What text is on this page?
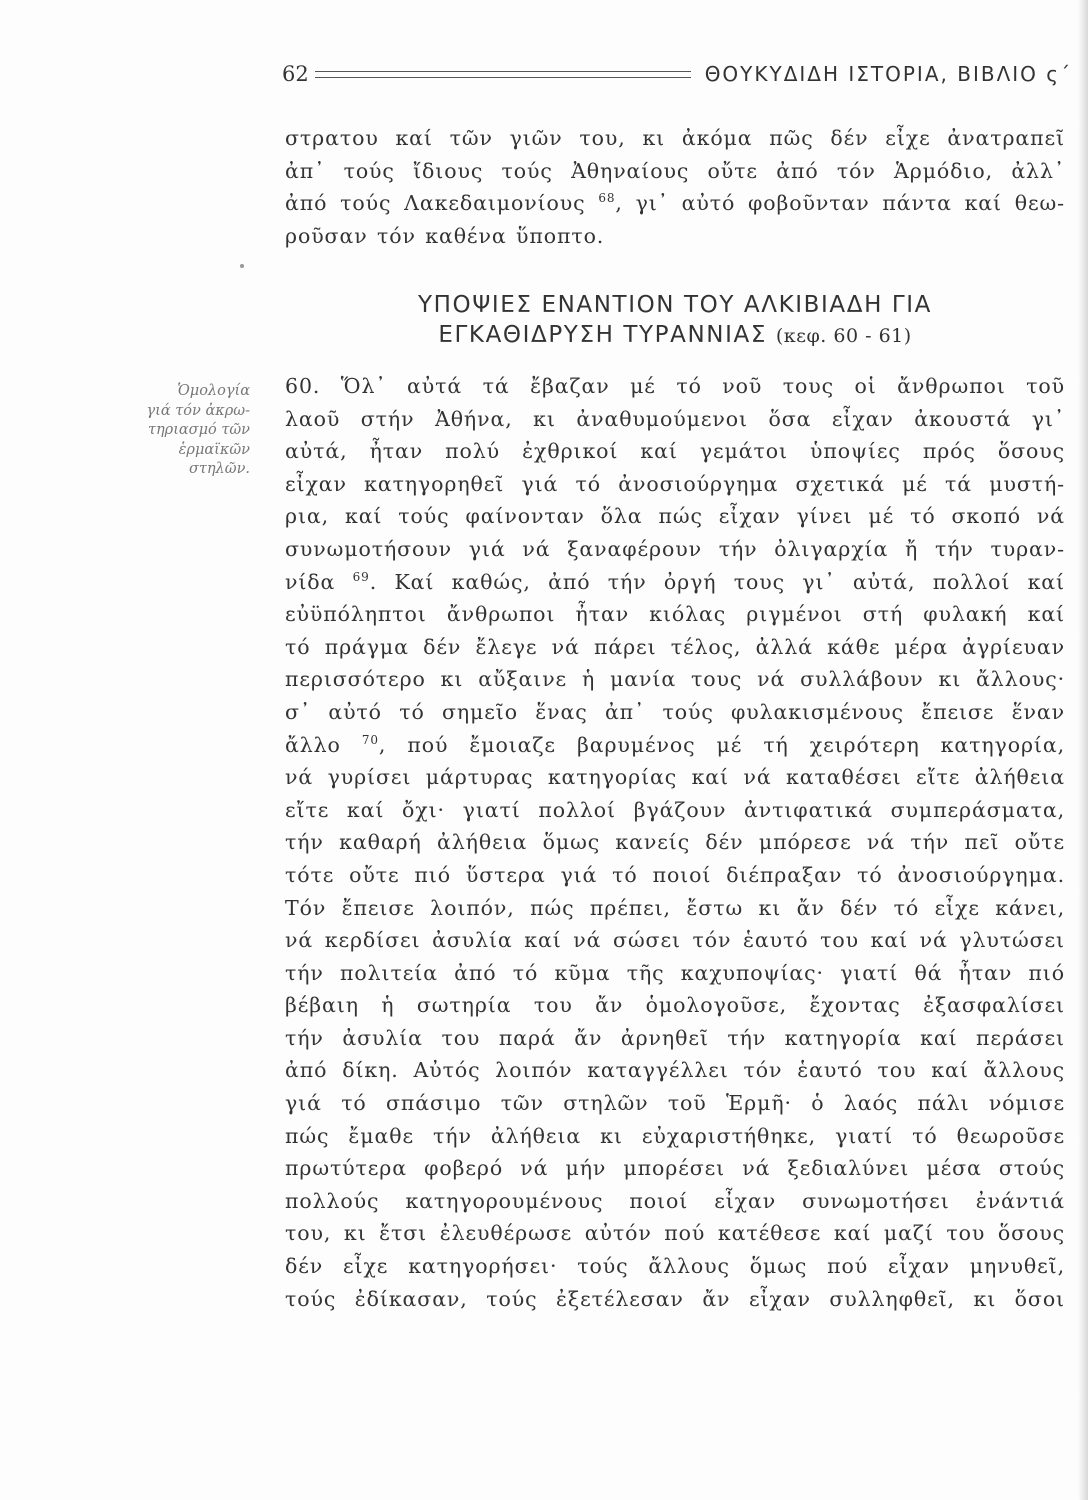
62	ΘΟΥΚΥΔΙΔΗ ΙΣΤΟΡΙΑ, ΒΙΒΛΙΟ ς΄
στρατου καί τῶν γιῶν του, κι ἀκόμα πῶς δέν εἶχε ἀνατραπεῖ
ἀπ᾿ τούς ἴδιους τούς Ἀθηναίους οὔτε ἀπό τόν Ἁρμόδιο, ἀλλ᾿
ἀπό τούς Λακεδαιμονίους $^{68}$, γι᾿ αὐτό φοβοῦνταν πάντα καί θεω-
ροῦσαν τόν καθένα ὕποπτο.
ΥΠΟΨΙΕΣ ΕΝΑΝΤΙΟΝ ΤΟΥ ΑΛΚΙΒΙΑΔΗ ΓΙΑ
ΕΓΚΑΘΙΔΡΥΣΗ ΤΥΡΑΝΝΙΑΣ (κεφ. 60 - 61)
Ὁμολογία
γιά τόν ἀκρω-
τηριασμό τῶν
ἑρμαϊκῶν
στηλῶν.
60. Ὅλ᾿ αὐτά τά ἔβαζαν μέ τό νοῦ τους οἱ ἄνθρωποι τοῦ
λαοῦ στήν Ἀθήνα, κι ἀναθυμούμενοι ὅσα εἶχαν ἀκουστά γι᾿
αὐτά, ἦταν πολύ ἐχθρικοί καί γεμάτοι ὑποψίες πρός ὅσους
εἶχαν κατηγορηθεῖ γιά τό ἀνοσιούργημα σχετικά μέ τά μυστή-
ρια, καί τούς φαίνονταν ὅλα πώς εἶχαν γίνει μέ τό σκοπό νά
συνωμοτήσουν γιά νά ξαναφέρουν τήν ὀλιγαρχία ἤ τήν τυραν-
νίδα $^{69}$. Καί καθώς, ἀπό τήν ὀργή τους γι᾿ αὐτά, πολλοί καί
εὐϋπόληπτοι ἄνθρωποι ἦταν κιόλας ριγμένοι στή φυλακή καί
τό πράγμα δέν ἔλεγε νά πάρει τέλος, ἀλλά κάθε μέρα ἀγρίευαν
περισσότερο κι αὔξαινε ἡ μανία τους νά συλλάβουν κι ἄλλους·
σ᾿ αὐτό τό σημεῖο ἕνας ἀπ᾿ τούς φυλακισμένους ἔπεισε ἕναν
ἄλλο $^{70}$, πού ἔμοιαζε βαρυμένος μέ τή χειρότερη κατηγορία,
νά γυρίσει μάρτυρας κατηγορίας καί νά καταθέσει εἴτε ἀλήθεια
εἴτε καί ὄχι· γιατί πολλοί βγάζουν ἀντιφατικά συμπεράσματα,
τήν καθαρή ἀλήθεια ὅμως κανείς δέν μπόρεσε νά τήν πεῖ οὔτε
τότε οὔτε πιό ὕστερα γιά τό ποιοί διέπραξαν τό ἀνοσιούργημα.
Τόν ἔπεισε λοιπόν, πώς πρέπει, ἔστω κι ἄν δέν τό εἶχε κάνει,
νά κερδίσει ἀσυλία καί νά σώσει τόν ἑαυτό του καί νά γλυτώσει
τήν πολιτεία ἀπό τό κῦμα τῆς καχυποψίας· γιατί θά ἦταν πιό
βέβαιη ἡ σωτηρία του ἄν ὁμολογοῦσε, ἔχοντας ἐξασφαλίσει
τήν ἀσυλία του παρά ἄν ἀρνηθεῖ τήν κατηγορία καί περάσει
ἀπό δίκη. Αὐτός λοιπόν καταγγέλλει τόν ἑαυτό του καί ἄλλους
γιά τό σπάσιμο τῶν στηλῶν τοῦ Ἑρμῆ· ὁ λαός πάλι νόμισε
πώς ἔμαθε τήν ἀλήθεια κι εὐχαριστήθηκε, γιατί τό θεωροῦσε
πρωτύτερα φοβερό νά μήν μπορέσει νά ξεδιαλύνει μέσα στούς
πολλούς κατηγορουμένους ποιοί εἶχαν συνωμοτήσει ἐνάντιά
του, κι ἔτσι ἐλευθέρωσε αὐτόν πού κατέθεσε καί μαζί του ὅσους
δέν εἶχε κατηγορήσει· τούς ἄλλους ὅμως πού εἶχαν μηνυθεῖ,
τούς ἐδίκασαν, τούς ἐξετέλεσαν ἄν εἶχαν συλληφθεῖ, κι ὅσοι
